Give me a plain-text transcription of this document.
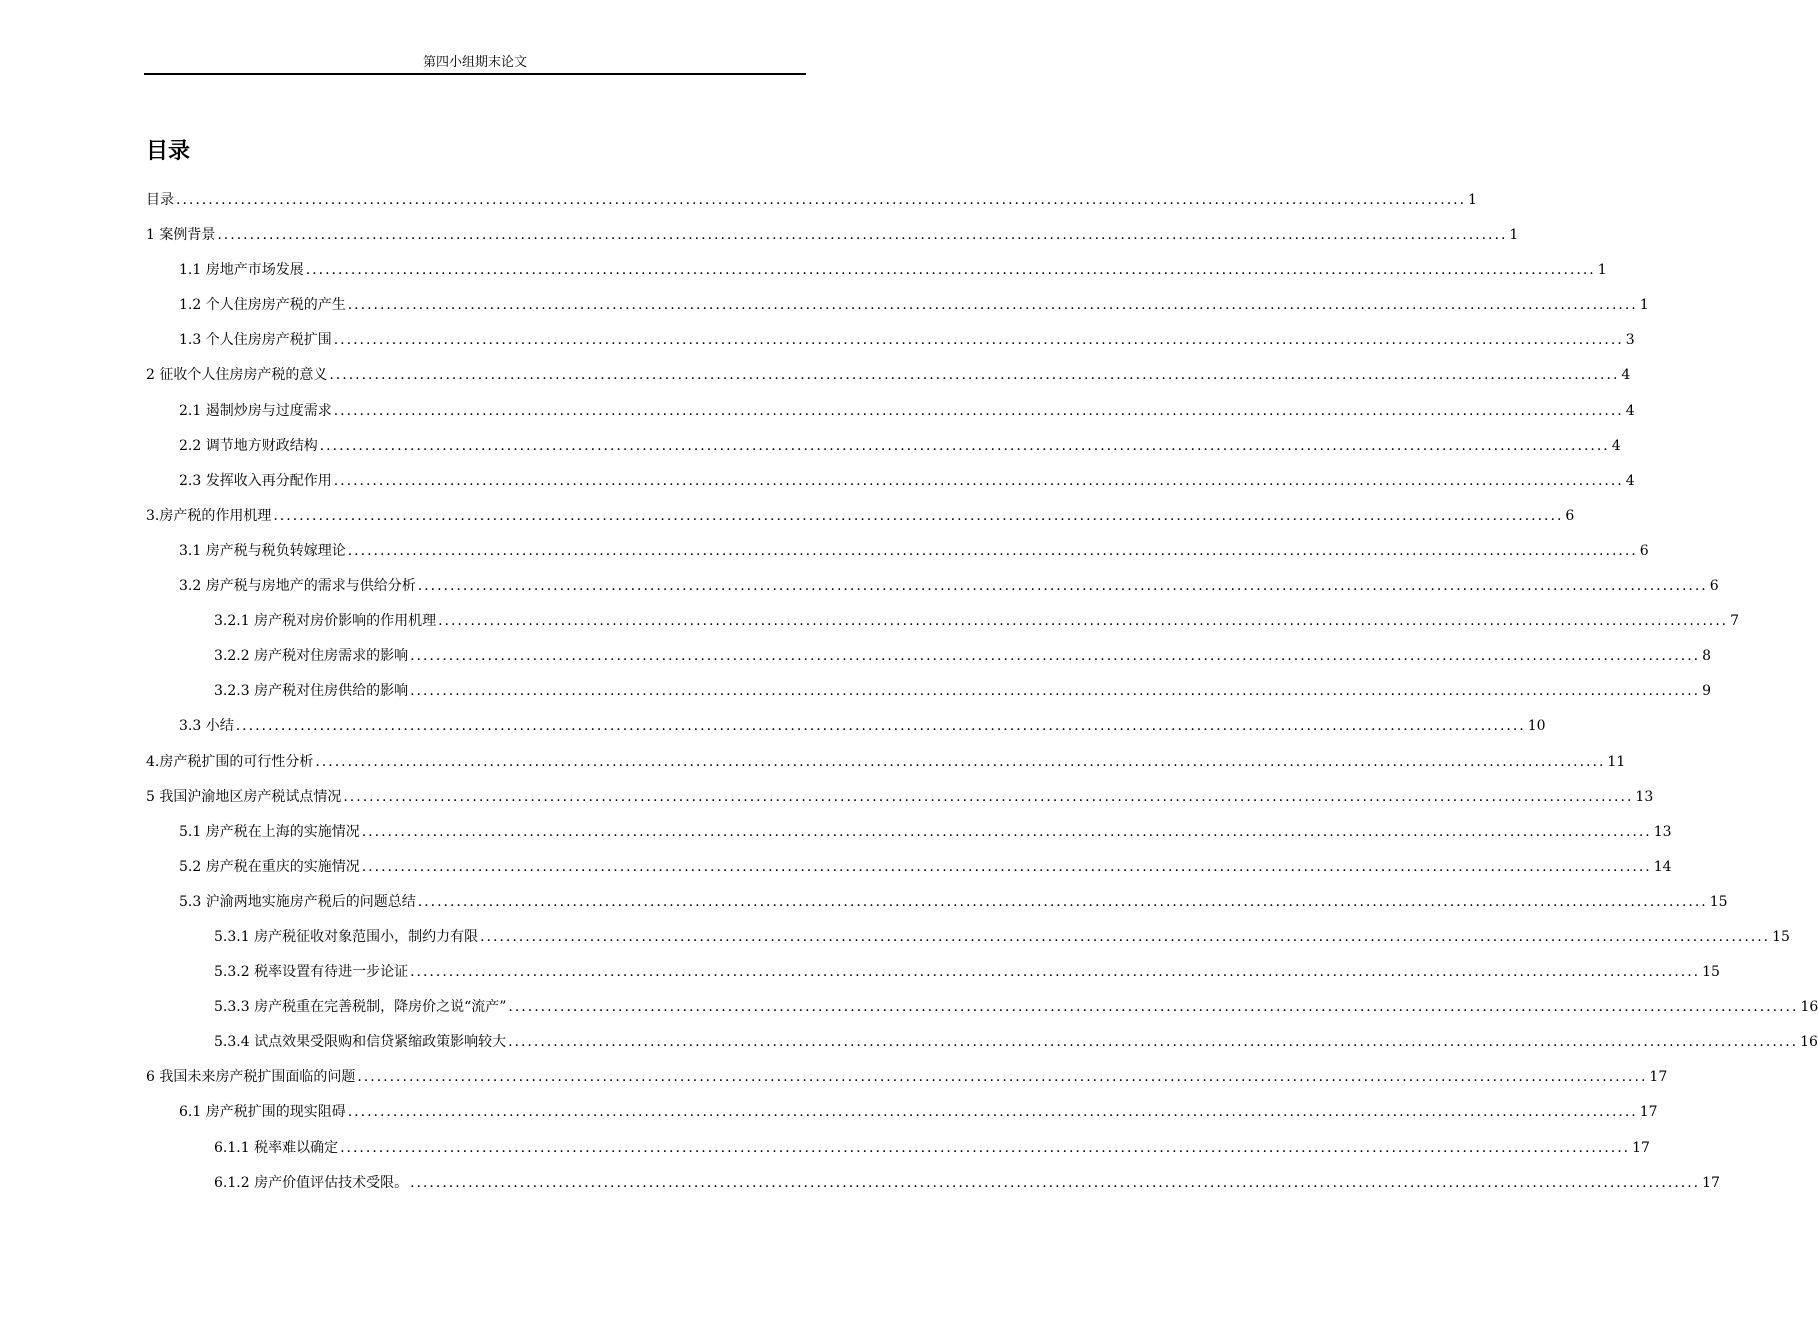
第四小组期末论文
目录
目录 ........................................................................................................................................................................................................ 1
1 案例背景 ........................................................................................................................................................................................................ 1
1.1 房地产市场发展 ........................................................................................................................................................................................................ 1
1.2 个人住房房产税的产生 ........................................................................................................................................................................................................ 1
1.3 个人住房房产税扩围 ........................................................................................................................................................................................................ 3
2 征收个人住房房产税的意义 ........................................................................................................................................................................................................ 4
2.1 遏制炒房与过度需求 ........................................................................................................................................................................................................ 4
2.2 调节地方财政结构 ........................................................................................................................................................................................................ 4
2.3 发挥收入再分配作用 ........................................................................................................................................................................................................ 4
3.房产税的作用机理 ........................................................................................................................................................................................................ 6
3.1 房产税与税负转嫁理论 ........................................................................................................................................................................................................ 6
3.2 房产税与房地产的需求与供给分析 ........................................................................................................................................................................................................ 6
3.2.1 房产税对房价影响的作用机理 ........................................................................................................................................................................................................ 7
3.2.2 房产税对住房需求的影响 ........................................................................................................................................................................................................ 8
3.2.3 房产税对住房供给的影响 ........................................................................................................................................................................................................ 9
3.3 小结 ........................................................................................................................................................................................................ 10
4.房产税扩围的可行性分析 ........................................................................................................................................................................................................ 11
5 我国沪渝地区房产税试点情况 ........................................................................................................................................................................................................ 13
5.1 房产税在上海的实施情况 ........................................................................................................................................................................................................ 13
5.2 房产税在重庆的实施情况 ........................................................................................................................................................................................................ 14
5.3 沪渝两地实施房产税后的问题总结 ........................................................................................................................................................................................................ 15
5.3.1 房产税征收对象范围小，制约力有限 ........................................................................................................................................................................................................ 15
5.3.2 税率设置有待进一步论证 ........................................................................................................................................................................................................ 15
5.3.3 房产税重在完善税制，降房价之说“流产” ........................................................................................................................................................................................................ 16
5.3.4 试点效果受限购和信贷紧缩政策影响较大 ........................................................................................................................................................................................................ 16
6 我国未来房产税扩围面临的问题 ........................................................................................................................................................................................................ 17
6.1 房产税扩围的现实阻碍 ........................................................................................................................................................................................................ 17
6.1.1 税率难以确定 ........................................................................................................................................................................................................ 17
6.1.2 房产价值评估技术受限。 ........................................................................................................................................................................................................ 17
